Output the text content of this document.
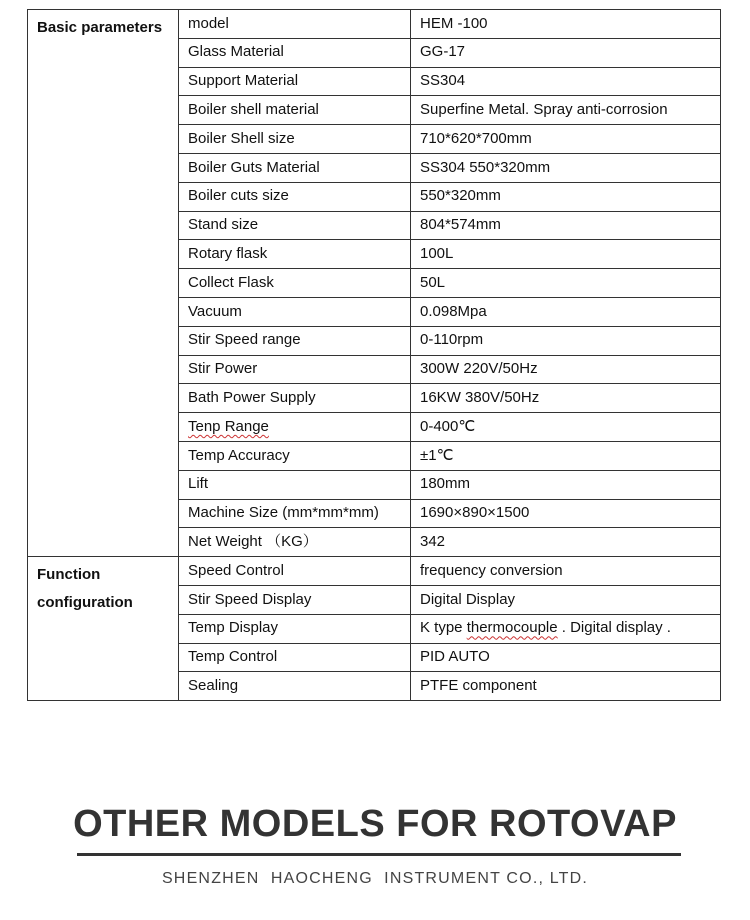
Basic parameters	model	HEM -100
	Glass Material	GG-17
	Support Material	SS304
	Boiler shell material	Superfine Metal. Spray anti-corrosion
	Boiler Shell size	710*620*700mm
	Boiler Guts Material	SS304 550*320mm
	Boiler cuts size	550*320mm
	Stand size	804*574mm
	Rotary flask	100L
	Collect Flask	50L
	Vacuum	0.098Mpa
	Stir Speed range	0-110rpm
	Stir Power	300W 220V/50Hz
	Bath Power Supply	16KW 380V/50Hz
	Tenp Range	0-400℃
	Temp Accuracy	±1℃
	Lift	180mm
	Machine Size (mm*mm*mm)	1690×890×1500
	Net Weight （KG）	342
Function configuration	Speed Control	frequency conversion
	Stir Speed Display	Digital Display
	Temp Display	K type thermocouple . Digital display .
	Temp Control	PID AUTO
	Sealing	PTFE component
OTHER MODELS FOR ROTOVAP
SHENZHEN  HAOCHENG  INSTRUMENT CO., LTD.
